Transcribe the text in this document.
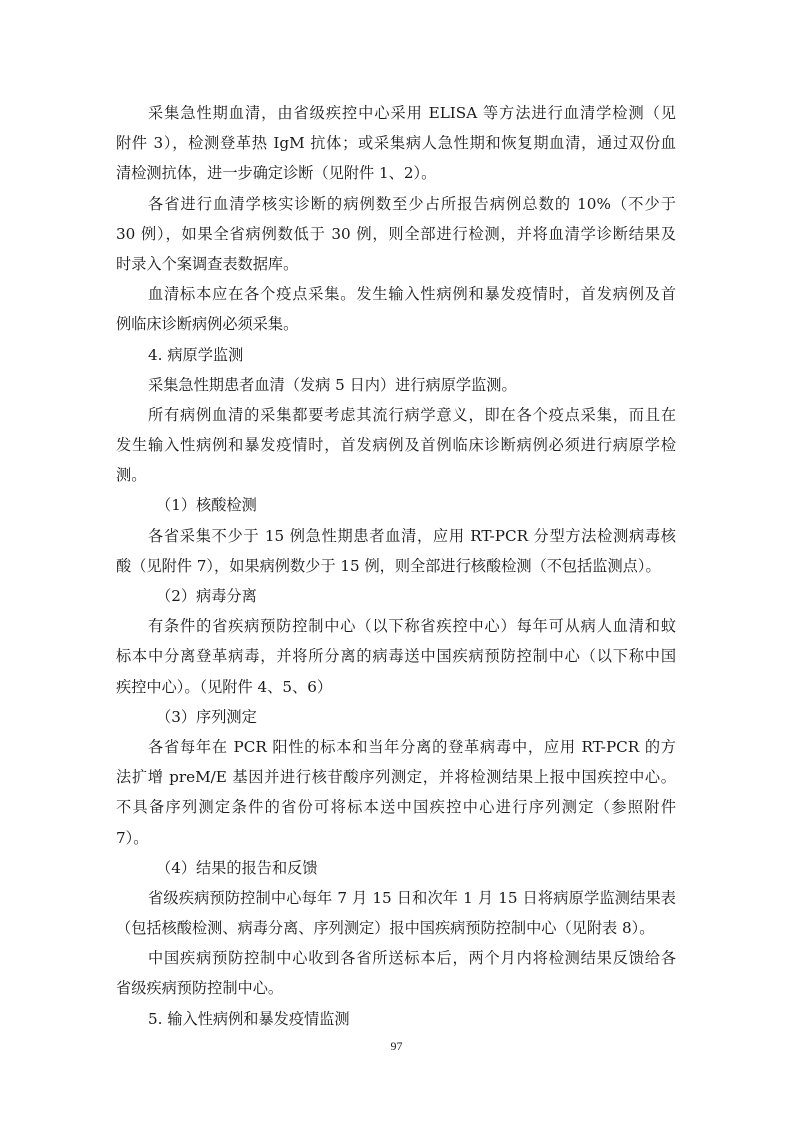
采集急性期血清，由省级疾控中心采用 ELISA 等方法进行血清学检测（见
附件 3），检测登革热 IgM 抗体；或采集病人急性期和恢复期血清，通过双份血
清检测抗体，进一步确定诊断（见附件 1、2）。
各省进行血清学核实诊断的病例数至少占所报告病例总数的 10%（不少于
30 例），如果全省病例数低于 30 例，则全部进行检测，并将血清学诊断结果及
时录入个案调查表数据库。
血清标本应在各个疫点采集。发生输入性病例和暴发疫情时，首发病例及首
例临床诊断病例必须采集。
4. 病原学监测
采集急性期患者血清（发病 5 日内）进行病原学监测。
所有病例血清的采集都要考虑其流行病学意义，即在各个疫点采集，而且在
发生输入性病例和暴发疫情时，首发病例及首例临床诊断病例必须进行病原学检
测。
（1）核酸检测
各省采集不少于 15 例急性期患者血清，应用 RT-PCR 分型方法检测病毒核
酸（见附件 7），如果病例数少于 15 例，则全部进行核酸检测（不包括监测点）。
（2）病毒分离
有条件的省疾病预防控制中心（以下称省疾控中心）每年可从病人血清和蚊
标本中分离登革病毒，并将所分离的病毒送中国疾病预防控制中心（以下称中国
疾控中心）。（见附件 4、5、6）
（3）序列测定
各省每年在 PCR 阳性的标本和当年分离的登革病毒中，应用 RT-PCR 的方
法扩增 preM/E 基因并进行核苷酸序列测定，并将检测结果上报中国疾控中心。
不具备序列测定条件的省份可将标本送中国疾控中心进行序列测定（参照附件
7）。
（4）结果的报告和反馈
省级疾病预防控制中心每年 7 月 15 日和次年 1 月 15 日将病原学监测结果表
（包括核酸检测、病毒分离、序列测定）报中国疾病预防控制中心（见附表 8）。
中国疾病预防控制中心收到各省所送标本后，两个月内将检测结果反馈给各
省级疾病预防控制中心。
5. 输入性病例和暴发疫情监测
97
